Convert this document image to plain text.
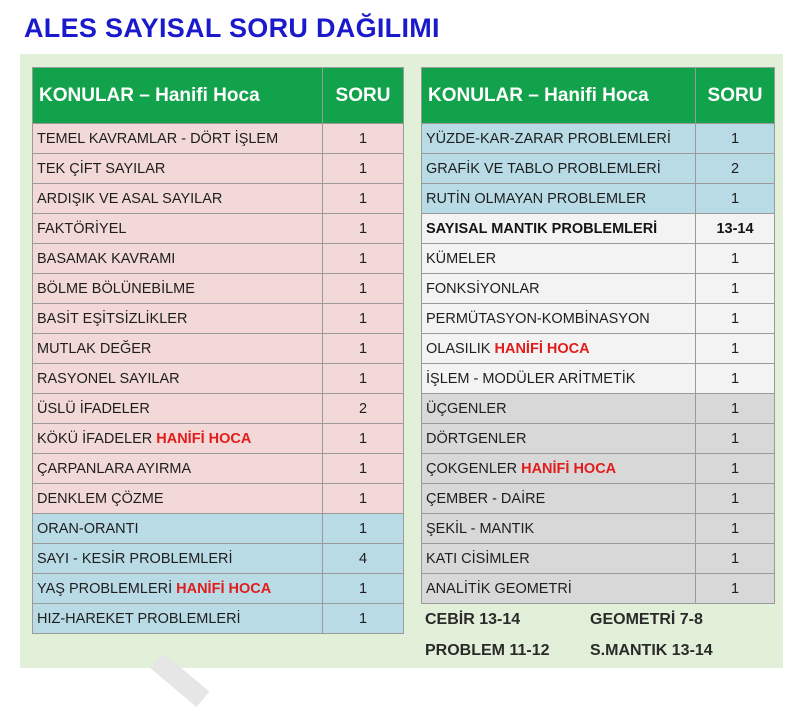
ALES SAYISAL SORU DAĞILIMI
KONULAR – Hanifi Hoca	SORU
TEMEL KAVRAMLAR - DÖRT İŞLEM	1
TEK ÇİFT SAYILAR	1
ARDIŞIK VE ASAL SAYILAR	1
FAKTÖRİYEL	1
BASAMAK KAVRAMI	1
BÖLME BÖLÜNEBİLME	1
BASİT EŞİTSİZLİKLER	1
MUTLAK DEĞER	1
RASYONEL SAYILAR	1
ÜSLÜ İFADELER	2
KÖKÜ İFADELER HANİFİ HOCA	1
ÇARPANLARA AYIRMA	1
DENKLEM ÇÖZME	1
ORAN-ORANTI	1
SAYI - KESİR PROBLEMLERİ	4
YAŞ PROBLEMLERİ HANİFİ HOCA	1
HIZ-HAREKET PROBLEMLERİ	1
KONULAR – Hanifi Hoca	SORU
YÜZDE-KAR-ZARAR PROBLEMLERİ	1
GRAFİK VE TABLO PROBLEMLERİ	2
RUTİN OLMAYAN PROBLEMLER	1
SAYISAL MANTIK PROBLEMLERİ	13-14
KÜMELER	1
FONKSİYONLAR	1
PERMÜTASYON-KOMBİNASYON	1
OLASILIK HANİFİ HOCA	1
İŞLEM - MODÜLER ARİTMETİK	1
ÜÇGENLER	1
DÖRTGENLER	1
ÇOKGENLER HANİFİ HOCA	1
ÇEMBER - DAİRE	1
ŞEKİL - MANTIK	1
KATI CİSİMLER	1
ANALİTİK GEOMETRİ	1
CEBİR 13-14	GEOMETRİ 7-8
PROBLEM 11-12	S.MANTIK 13-14
